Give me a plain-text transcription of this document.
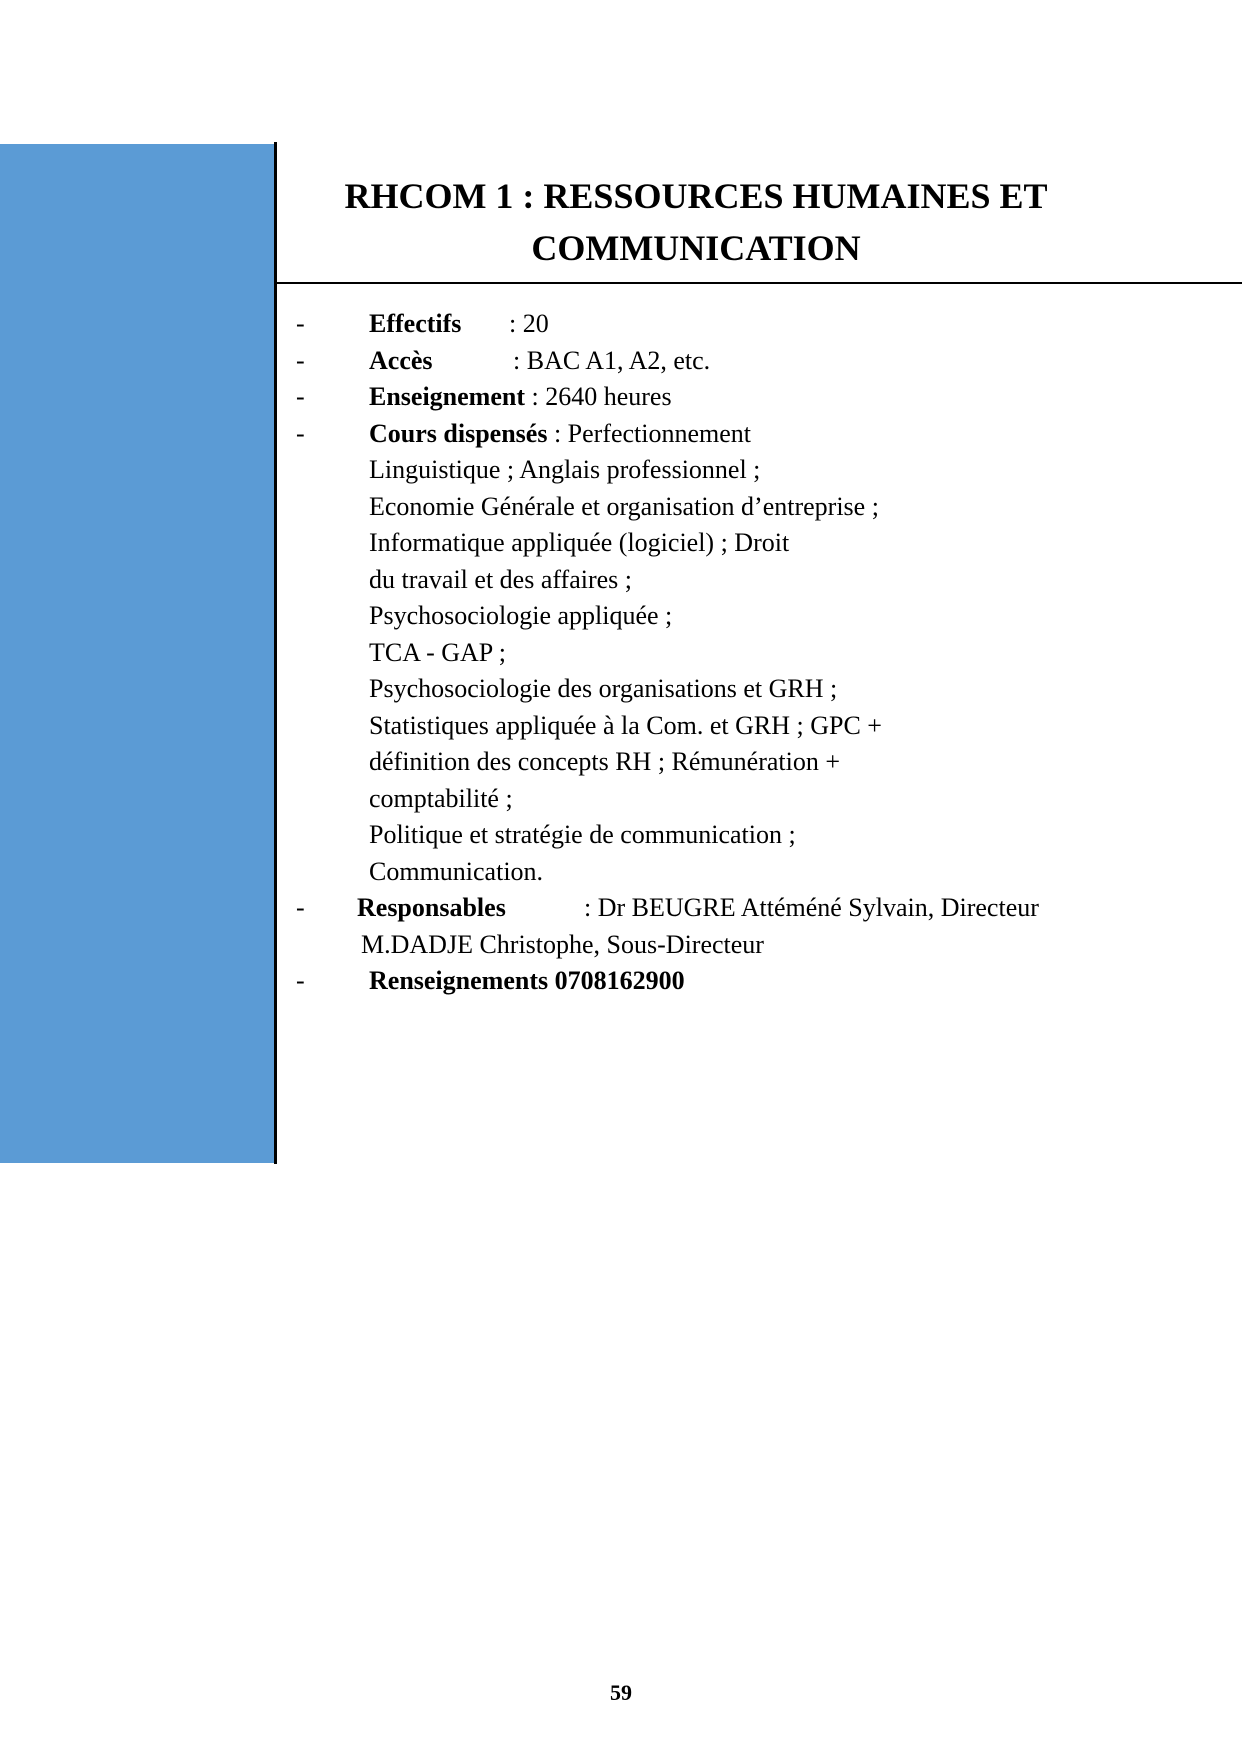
RHCOM 1 : RESSOURCES HUMAINES ET
COMMUNICATION
- Effectifs : 20
- Accès	: BAC A1, A2, etc.
- Enseignement : 2640 heures
- Cours dispensés : Perfectionnement
Linguistique ; Anglais professionnel ;
Economie Générale et organisation d’entreprise ;
Informatique appliquée (logiciel) ; Droit
du travail et des affaires ;
Psychosociologie appliquée ;
TCA - GAP ;
Psychosociologie des organisations et GRH ;
Statistiques appliquée à la Com. et GRH ; GPC +
définition des concepts RH ; Rémunération +
comptabilité ;
Politique et stratégie de communication ;
Communication.
- Responsables	: Dr BEUGRE Attéméné Sylvain, Directeur
M.DADJE Christophe, Sous-Directeur
- Renseignements 0708162900
59
